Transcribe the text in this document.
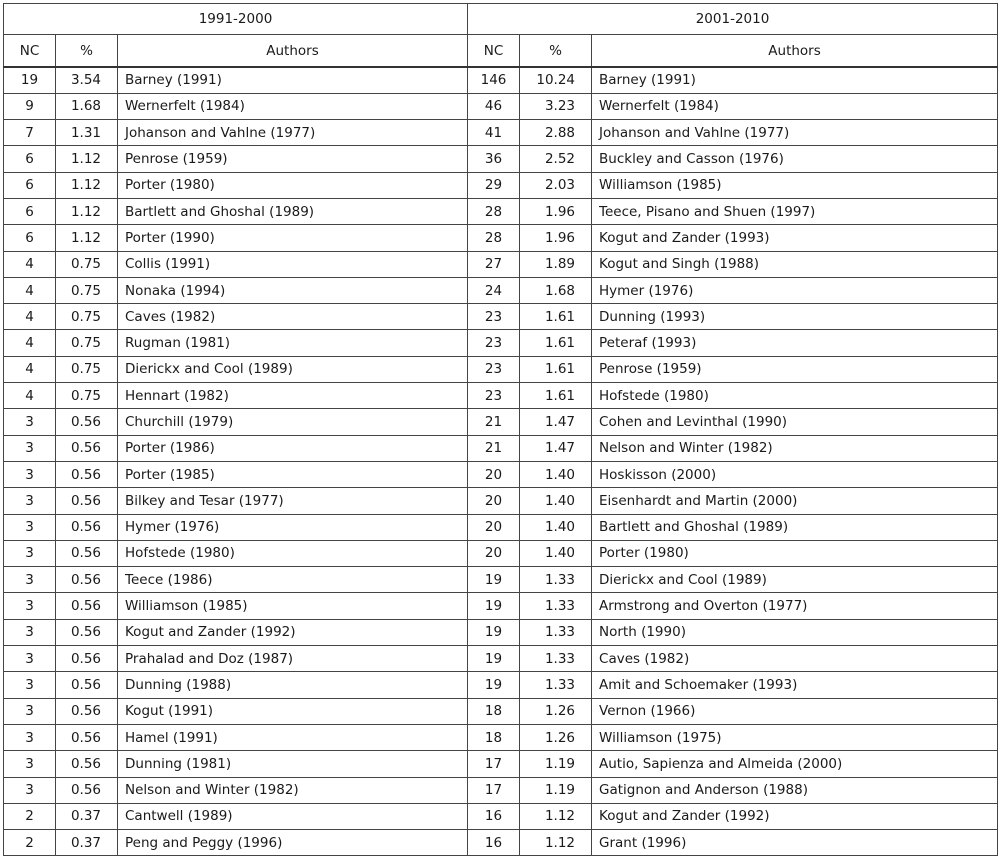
1991-2000			2001-2010		
NC	%	Authors	NC	%	Authors
19	3.54	Barney (1991)	146	10.24	Barney (1991)
9	1.68	Wernerfelt (1984)	46	3.23	Wernerfelt (1984)
7	1.31	Johanson and Vahlne (1977)	41	2.88	Johanson and Vahlne (1977)
6	1.12	Penrose (1959)	36	2.52	Buckley and Casson (1976)
6	1.12	Porter (1980)	29	2.03	Williamson (1985)
6	1.12	Bartlett and Ghoshal (1989)	28	1.96	Teece, Pisano and Shuen (1997)
6	1.12	Porter (1990)	28	1.96	Kogut and Zander (1993)
4	0.75	Collis (1991)	27	1.89	Kogut and Singh (1988)
4	0.75	Nonaka (1994)	24	1.68	Hymer (1976)
4	0.75	Caves (1982)	23	1.61	Dunning (1993)
4	0.75	Rugman (1981)	23	1.61	Peteraf (1993)
4	0.75	Dierickx and Cool (1989)	23	1.61	Penrose (1959)
4	0.75	Hennart (1982)	23	1.61	Hofstede (1980)
3	0.56	Churchill (1979)	21	1.47	Cohen and Levinthal (1990)
3	0.56	Porter (1986)	21	1.47	Nelson and Winter (1982)
3	0.56	Porter (1985)	20	1.40	Hoskisson (2000)
3	0.56	Bilkey and Tesar (1977)	20	1.40	Eisenhardt and Martin (2000)
3	0.56	Hymer (1976)	20	1.40	Bartlett and Ghoshal (1989)
3	0.56	Hofstede (1980)	20	1.40	Porter (1980)
3	0.56	Teece (1986)	19	1.33	Dierickx and Cool (1989)
3	0.56	Williamson (1985)	19	1.33	Armstrong and Overton (1977)
3	0.56	Kogut and Zander (1992)	19	1.33	North (1990)
3	0.56	Prahalad and Doz (1987)	19	1.33	Caves (1982)
3	0.56	Dunning (1988)	19	1.33	Amit and Schoemaker (1993)
3	0.56	Kogut (1991)	18	1.26	Vernon (1966)
3	0.56	Hamel (1991)	18	1.26	Williamson (1975)
3	0.56	Dunning (1981)	17	1.19	Autio, Sapienza and Almeida (2000)
3	0.56	Nelson and Winter (1982)	17	1.19	Gatignon and Anderson (1988)
2	0.37	Cantwell (1989)	16	1.12	Kogut and Zander (1992)
2	0.37	Peng and Peggy (1996)	16	1.12	Grant (1996)
